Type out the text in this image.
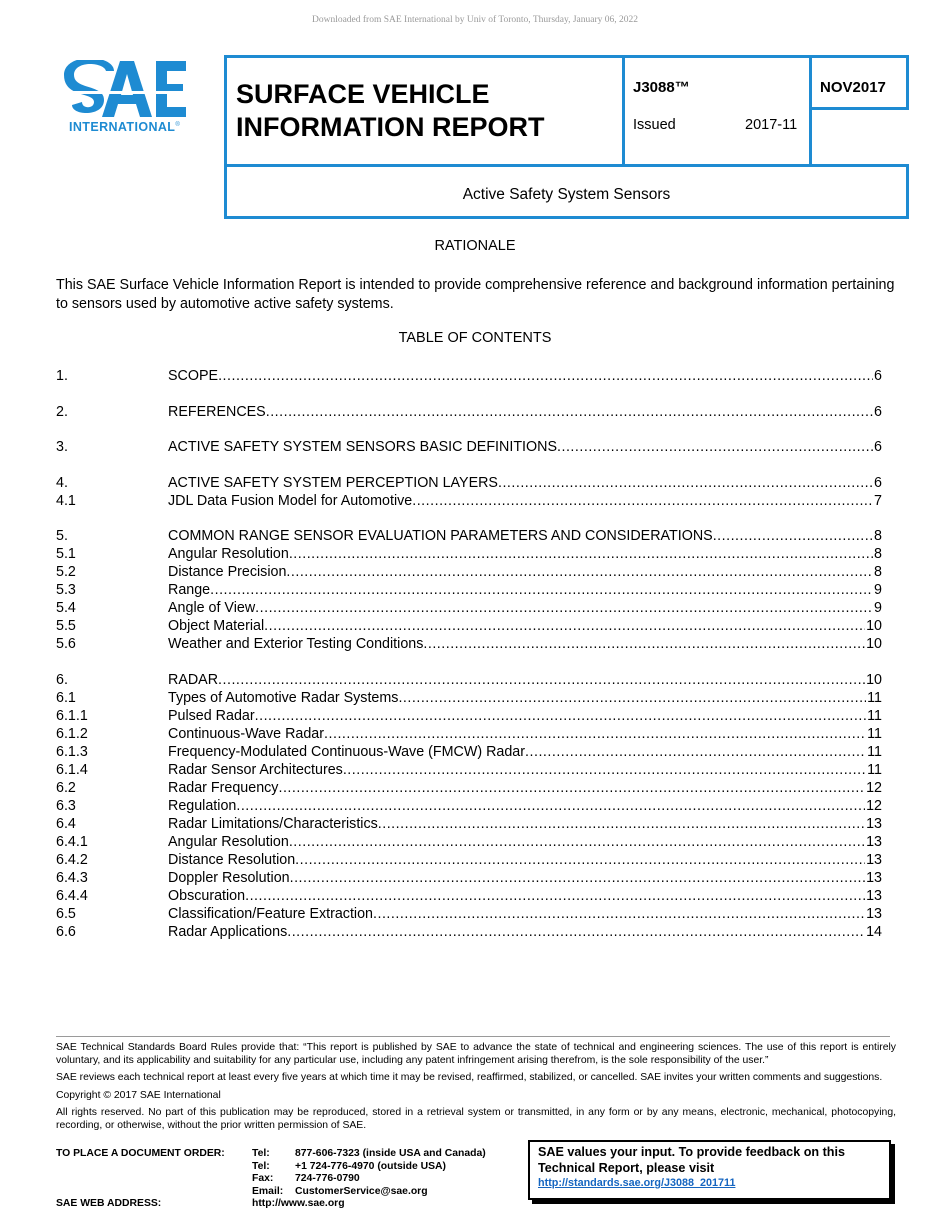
Downloaded from SAE International by Univ of Toronto, Thursday, January 06, 2022
INTERNATIONAL®
SURFACE VEHICLE
INFORMATION REPORT
J3088™
Issued	2017-11
NOV2017
Active Safety System Sensors
RATIONALE
This SAE Surface Vehicle Information Report is intended to provide comprehensive reference and background information pertaining to sensors used by automotive active safety systems.
TABLE OF CONTENTS
1.	SCOPE .....	6
2.	REFERENCES .....	6
3.	ACTIVE SAFETY SYSTEM SENSORS BASIC DEFINITIONS .....	6
4.	ACTIVE SAFETY SYSTEM PERCEPTION LAYERS .....	6
4.1	JDL Data Fusion Model for Automotive .....	7
5.	COMMON RANGE SENSOR EVALUATION PARAMETERS AND CONSIDERATIONS .....	8
5.1	Angular Resolution .....	8
5.2	Distance Precision .....	8
5.3	Range .....	9
5.4	Angle of View .....	9
5.5	Object Material .....	10
5.6	Weather and Exterior Testing Conditions .....	10
6.	RADAR .....	10
6.1	Types of Automotive Radar Systems .....	11
6.1.1	Pulsed Radar .....	11
6.1.2	Continuous-Wave Radar .....	11
6.1.3	Frequency-Modulated Continuous-Wave (FMCW) Radar .....	11
6.1.4	Radar Sensor Architectures .....	11
6.2	Radar Frequency .....	12
6.3	Regulation .....	12
6.4	Radar Limitations/Characteristics .....	13
6.4.1	Angular Resolution .....	13
6.4.2	Distance Resolution .....	13
6.4.3	Doppler Resolution .....	13
6.4.4	Obscuration .....	13
6.5	Classification/Feature Extraction .....	13
6.6	Radar Applications .....	14

SAE Technical Standards Board Rules provide that: “This report is published by SAE to advance the state of technical and engineering sciences. The use of this report is entirely voluntary, and its applicability and suitability for any particular use, including any patent infringement arising therefrom, is the sole responsibility of the user.”

SAE reviews each technical report at least every five years at which time it may be revised, reaffirmed, stabilized, or cancelled. SAE invites your written comments and suggestions.

Copyright © 2017 SAE International

All rights reserved. No part of this publication may be reproduced, stored in a retrieval system or transmitted, in any form or by any means, electronic, mechanical, photocopying, recording, or otherwise, without the prior written permission of SAE.

TO PLACE A DOCUMENT ORDER:	Tel: 877-606-7323 (inside USA and Canada)
Tel: +1 724-776-4970 (outside USA)
Fax: 724-776-0790
Email: CustomerService@sae.org
SAE WEB ADDRESS:	http://www.sae.org
SAE values your input. To provide feedback on this Technical Report, please visit
http://standards.sae.org/J3088_201711
